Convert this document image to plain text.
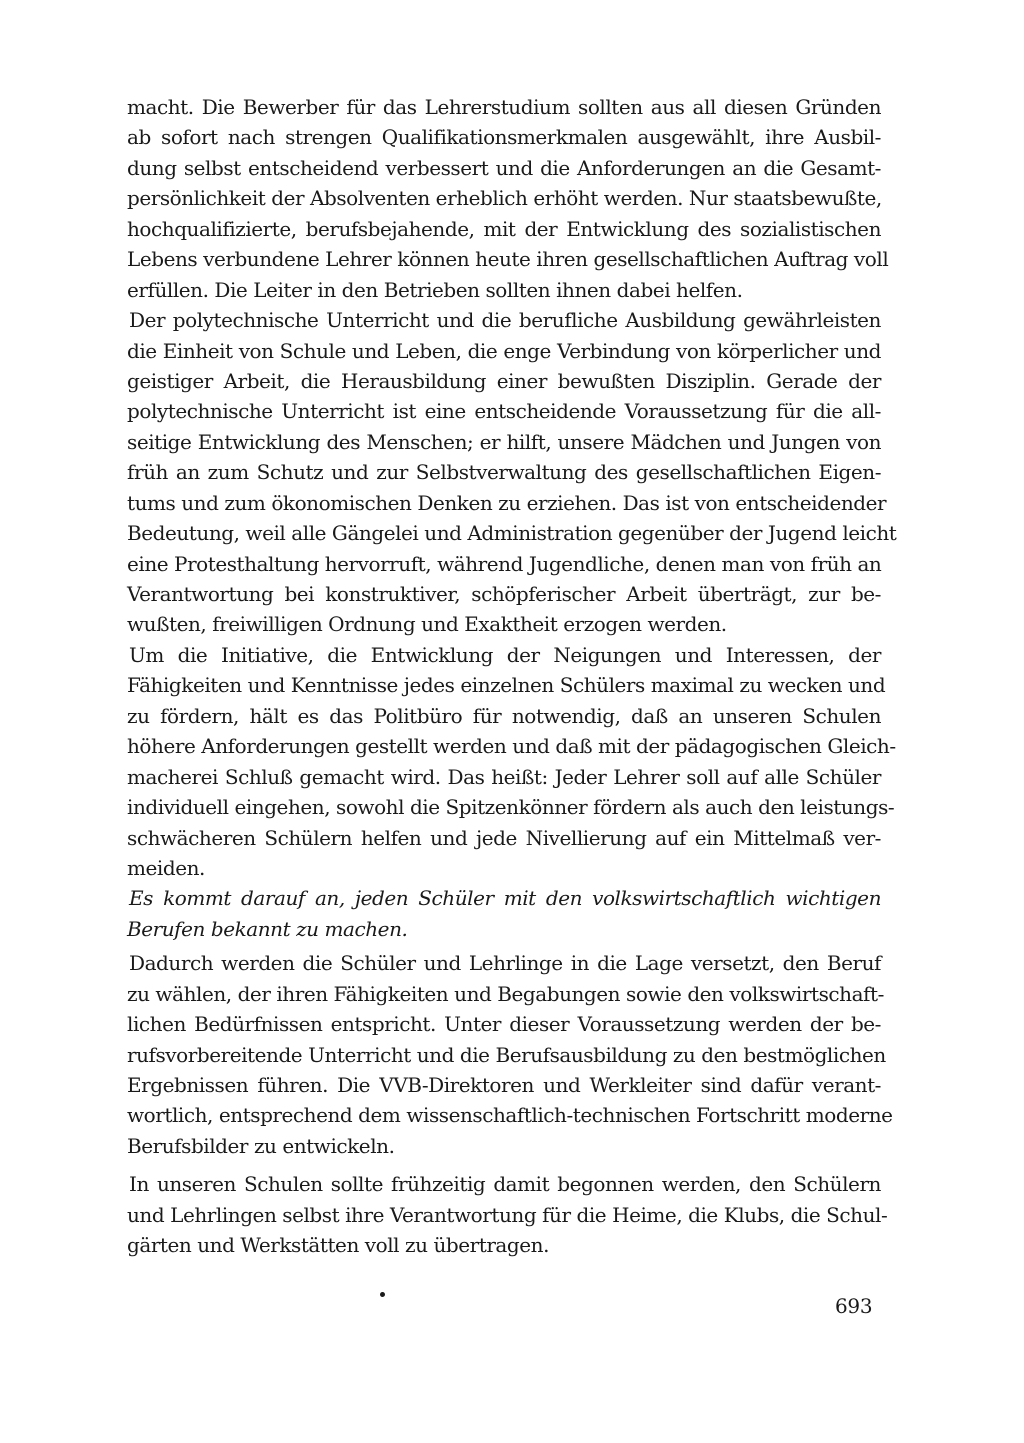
macht. Die Bewerber für das Lehrerstudium sollten aus all diesen Gründen
ab sofort nach strengen Qualifikationsmerkmalen ausgewählt, ihre Ausbil-
dung selbst entscheidend verbessert und die Anforderungen an die Gesamt-
persönlichkeit der Absolventen erheblich erhöht werden. Nur staatsbewußte,
hochqualifizierte, berufsbejahende, mit der Entwicklung des sozialistischen
Lebens verbundene Lehrer können heute ihren gesellschaftlichen Auftrag voll
erfüllen. Die Leiter in den Betrieben sollten ihnen dabei helfen.
Der polytechnische Unterricht und die berufliche Ausbildung gewährleisten
die Einheit von Schule und Leben, die enge Verbindung von körperlicher und
geistiger Arbeit, die Herausbildung einer bewußten Disziplin. Gerade der
polytechnische Unterricht ist eine entscheidende Voraussetzung für die all-
seitige Entwicklung des Menschen; er hilft, unsere Mädchen und Jungen von
früh an zum Schutz und zur Selbstverwaltung des gesellschaftlichen Eigen-
tums und zum ökonomischen Denken zu erziehen. Das ist von entscheidender
Bedeutung, weil alle Gängelei und Administration gegenüber der Jugend leicht
eine Protesthaltung hervorruft, während Jugendliche, denen man von früh an
Verantwortung bei konstruktiver, schöpferischer Arbeit überträgt, zur be-
wußten, freiwilligen Ordnung und Exaktheit erzogen werden.
Um die Initiative, die Entwicklung der Neigungen und Interessen, der
Fähigkeiten und Kenntnisse jedes einzelnen Schülers maximal zu wecken und
zu fördern, hält es das Politbüro für notwendig, daß an unseren Schulen
höhere Anforderungen gestellt werden und daß mit der pädagogischen Gleich-
macherei Schluß gemacht wird. Das heißt: Jeder Lehrer soll auf alle Schüler
individuell eingehen, sowohl die Spitzenkönner fördern als auch den leistungs-
schwächeren Schülern helfen und jede Nivellierung auf ein Mittelmaß ver-
meiden.
Es kommt darauf an, jeden Schüler mit den volkswirtschaftlich wichtigen
Berufen bekannt zu machen.
Dadurch werden die Schüler und Lehrlinge in die Lage versetzt, den Beruf
zu wählen, der ihren Fähigkeiten und Begabungen sowie den volkswirtschaft-
lichen Bedürfnissen entspricht. Unter dieser Voraussetzung werden der be-
rufsvorbereitende Unterricht und die Berufsausbildung zu den bestmöglichen
Ergebnissen führen. Die VVB-Direktoren und Werkleiter sind dafür verant-
wortlich, entsprechend dem wissenschaftlich-technischen Fortschritt moderne
Berufsbilder zu entwickeln.
In unseren Schulen sollte frühzeitig damit begonnen werden, den Schülern
und Lehrlingen selbst ihre Verantwortung für die Heime, die Klubs, die Schul-
gärten und Werkstätten voll zu übertragen.
693
